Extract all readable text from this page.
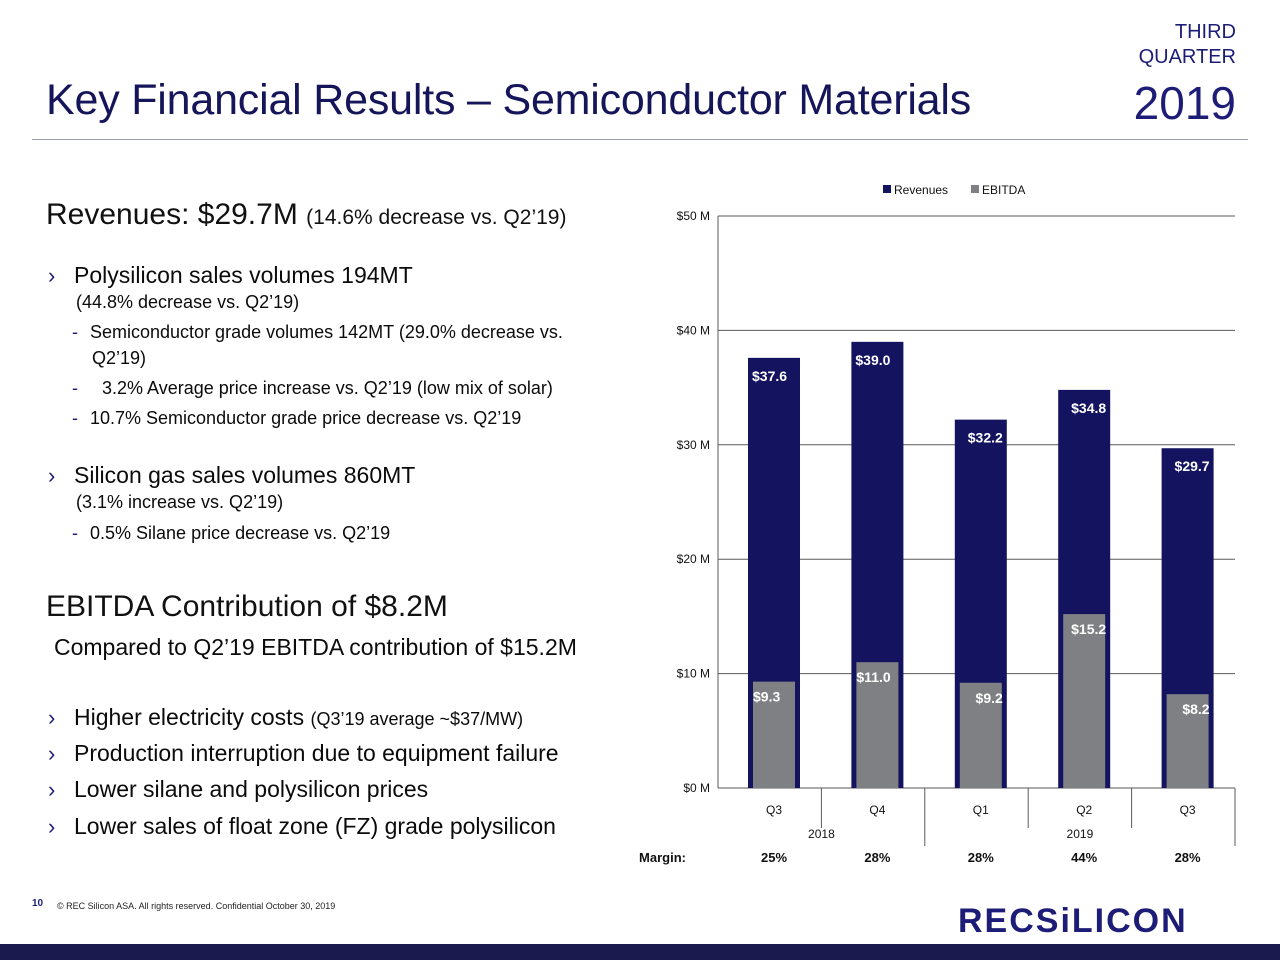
Key Financial Results – Semiconductor Materials
THIRD
QUARTER
2019
Revenues: $29.7M (14.6% decrease vs. Q2’19)
› Polysilicon sales volumes 194MT
(44.8% decrease vs. Q2’19)
- Semiconductor grade volumes 142MT (29.0% decrease vs.
Q2’19)
- 3.2% Average price increase vs. Q2’19 (low mix of solar)
- 10.7% Semiconductor grade price decrease vs. Q2’19
› Silicon gas sales volumes 860MT
(3.1% increase vs. Q2’19)
- 0.5% Silane price decrease vs. Q2’19
EBITDA Contribution of $8.2M
Compared to Q2’19 EBITDA contribution of $15.2M
› Higher electricity costs (Q3’19 average ~$37/MW)
› Production interruption due to equipment failure
› Lower silane and polysilicon prices
› Lower sales of float zone (FZ) grade polysilicon
$0 M
$10 M
$20 M
$30 M
$40 M
$50 M
$37.6
$9.3
Q3
25%
$39.0
$11.0
Q4
28%
$32.2
$9.2
Q1
28%
$34.8
$15.2
Q2
44%
$29.7
$8.2
Q3
28%
2018	2019
Margin:
Revenues	EBITDA
10 © REC Silicon ASA. All rights reserved. Confidential October 30, 2019	RECSiLICON
